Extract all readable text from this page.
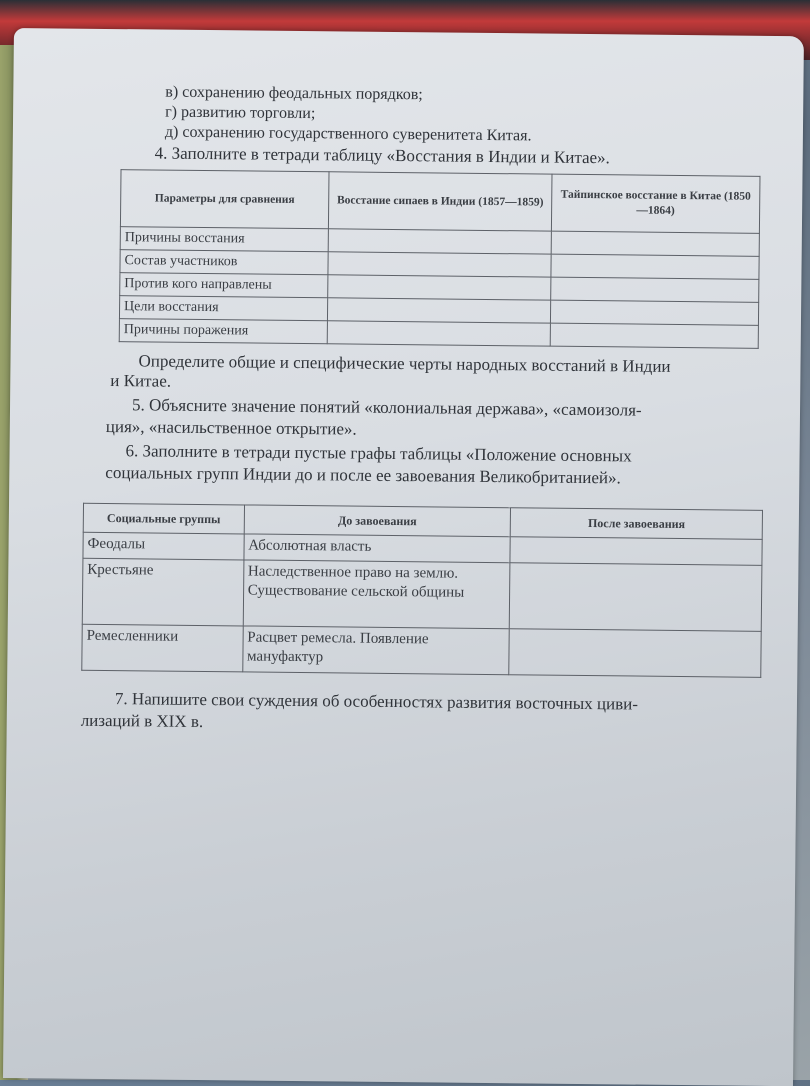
в) сохранению феодальных порядков;
г) развитию торговли;
д) сохранению государственного суверенитета Китая.
4. Заполните в тетради таблицу «Восстания в Индии и Китае».
Параметры для сравнения	Восстание сипаев в Индии (1857—1859)	Тайпинское восстание в Китае (1850—1864)
Причины восстания		
Состав участников		
Против кого направлены		
Цели восстания		
Причины поражения		
Определите общие и специфические черты народных восстаний в Индии
и Китае.
5. Объясните значение понятий «колониальная держава», «самоизоля-
ция», «насильственное открытие».
6. Заполните в тетради пустые графы таблицы «Положение основных
социальных групп Индии до и после ее завоевания Великобританией».
Социальные группы	До завоевания	После завоевания
Феодалы	Абсолютная власть	
Крестьяне	Наследственное право на землю. Существование сельской общины	
Ремесленники	Расцвет ремесла. Появление мануфактур	
7. Напишите свои суждения об особенностях развития восточных циви-
лизаций в XIX в.
